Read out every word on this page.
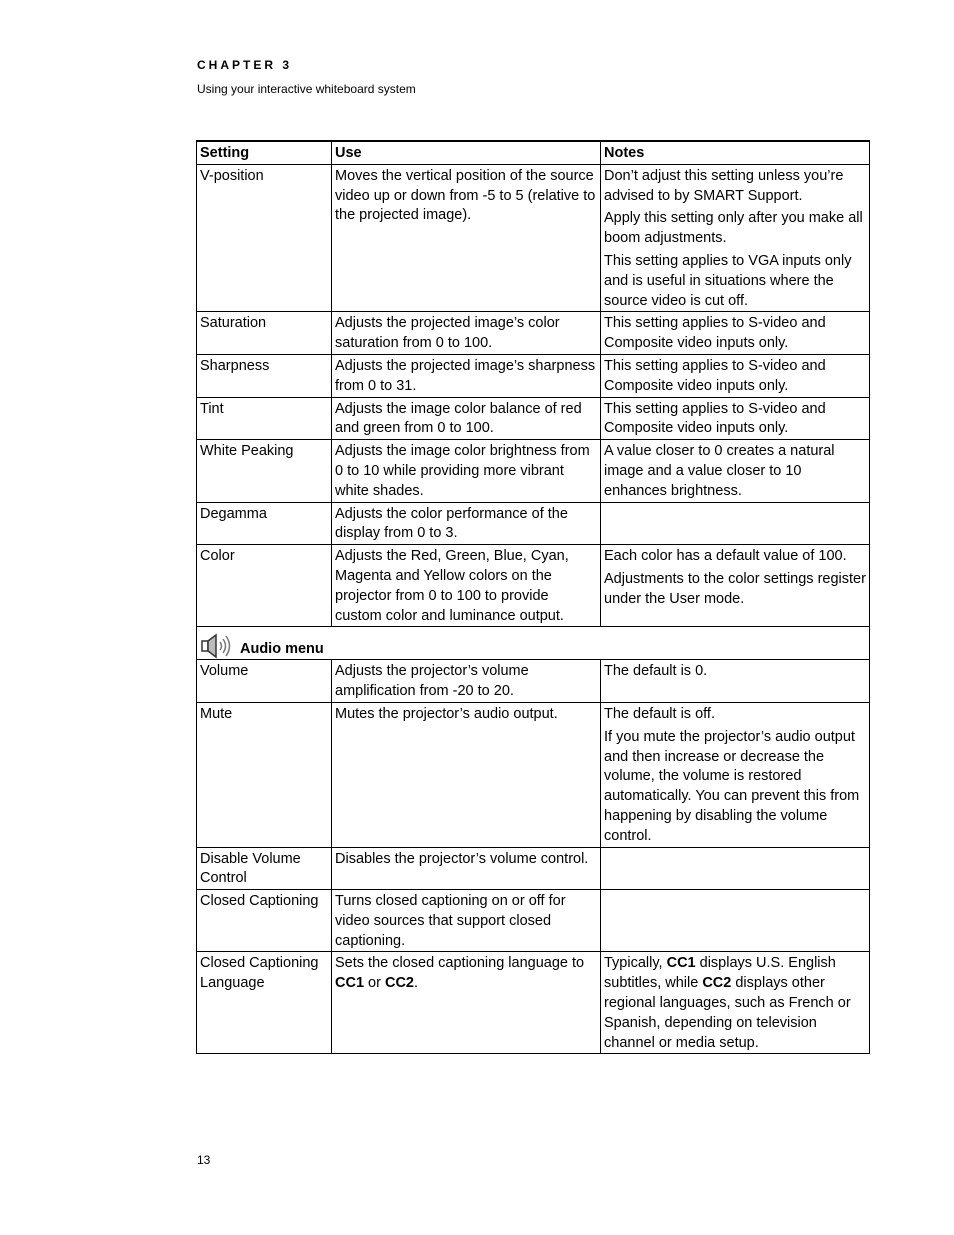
CHAPTER 3
Using your interactive whiteboard system
Setting	Use	Notes
V-position	Moves the vertical position of the source video up or down from -5 to 5 (relative to the projected image).	Don’t adjust this setting unless you’re advised to by SMART Support.
Apply this setting only after you make all boom adjustments.
This setting applies to VGA inputs only and is useful in situations where the source video is cut off.

Saturation	Adjusts the projected image’s color saturation from 0 to 100.	This setting applies to S-video and Composite video inputs only.

Sharpness	Adjusts the projected image’s sharpness from 0 to 31.	This setting applies to S-video and Composite video inputs only.

Tint	Adjusts the image color balance of red and green from 0 to 100.	This setting applies to S-video and Composite video inputs only.

White Peaking	Adjusts the image color brightness from 0 to 10 while providing more vibrant white shades.	A value closer to 0 creates a natural image and a value closer to 10 enhances brightness.

Degamma	Adjusts the color performance of the display from 0 to 3.	
Color	Adjusts the Red, Green, Blue, Cyan, Magenta and Yellow colors on the projector from 0 to 100 to provide custom color and luminance output.	Each color has a default value of 100.
Adjustments to the color settings register under the User mode.

Audio menu		

Volume	Adjusts the projector’s volume amplification from -20 to 20.	The default is 0.

Mute	Mutes the projector’s audio output.	The default is off.
If you mute the projector’s audio output and then increase or decrease the volume, the volume is restored automatically. You can prevent this from happening by disabling the volume control.

Disable Volume Control	Disables the projector’s volume control.	
Closed Captioning	Turns closed captioning on or off for video sources that support closed captioning.	
Closed Captioning Language	Sets the closed captioning language to CC1 or CC2.	Typically, CC1 displays U.S. English subtitles, while CC2 displays other regional languages, such as French or Spanish, depending on television channel or media setup.
13
